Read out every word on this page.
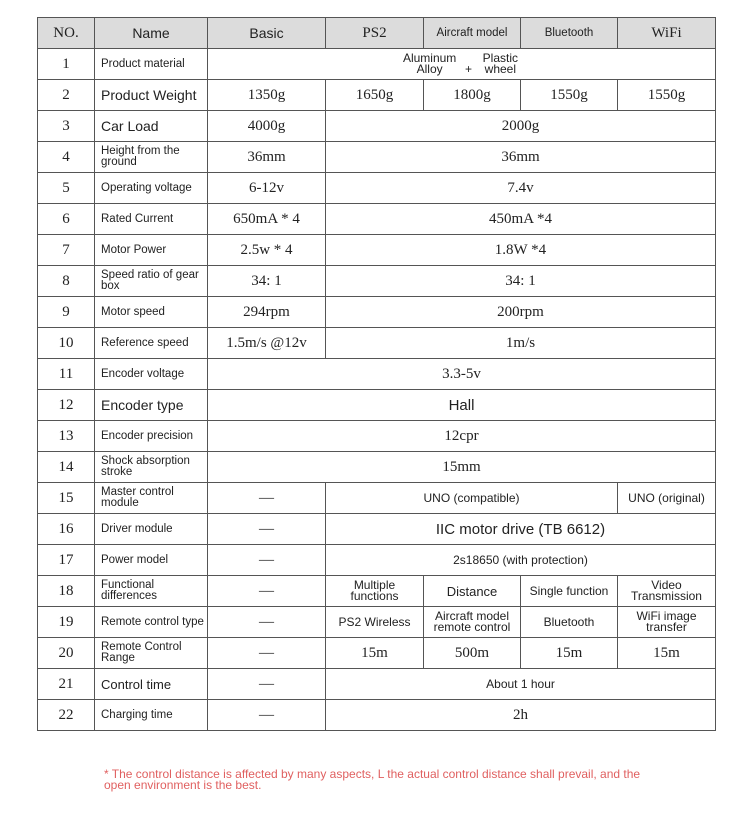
NO.	Name	Basic	PS2	Aircraft model	Bluetooth	WiFi
1	Product material	Aluminum Alloy + Plastic wheel				
2	Product Weight	1350g	1650g	1800g	1550g	1550g
3	Car Load	4000g	2000g			
4	Height from the ground	36mm	36mm			
5	Operating voltage	6-12v	7.4v			
6	Rated Current	650mA * 4	450mA *4			
7	Motor Power	2.5w * 4	1.8W *4			
8	Speed ratio of gear box	34: 1	34: 1			
9	Motor speed	294rpm	200rpm			
10	Reference speed	1.5m/s @12v	1m/s			
11	Encoder voltage	3.3-5v				
12	Encoder type	Hall				
13	Encoder precision	12cpr				
14	Shock absorption stroke	15mm				
15	Master control module	—	UNO (compatible)			UNO (original)
16	Driver module	—	IIC motor drive (TB 6612)			
17	Power model	—	2s18650 (with protection)			
18	Functional differences	—	Multiple functions	Distance	Single function	Video Transmission
19	Remote control type	—	PS2 Wireless	Aircraft model remote control	Bluetooth	WiFi image transfer
20	Remote Control Range	—	15m	500m	15m	15m
21	Control time	—	About 1 hour			
22	Charging time	—	2h			
* The control distance is affected by many aspects, L the actual control distance shall prevail, and the open environment is the best.
